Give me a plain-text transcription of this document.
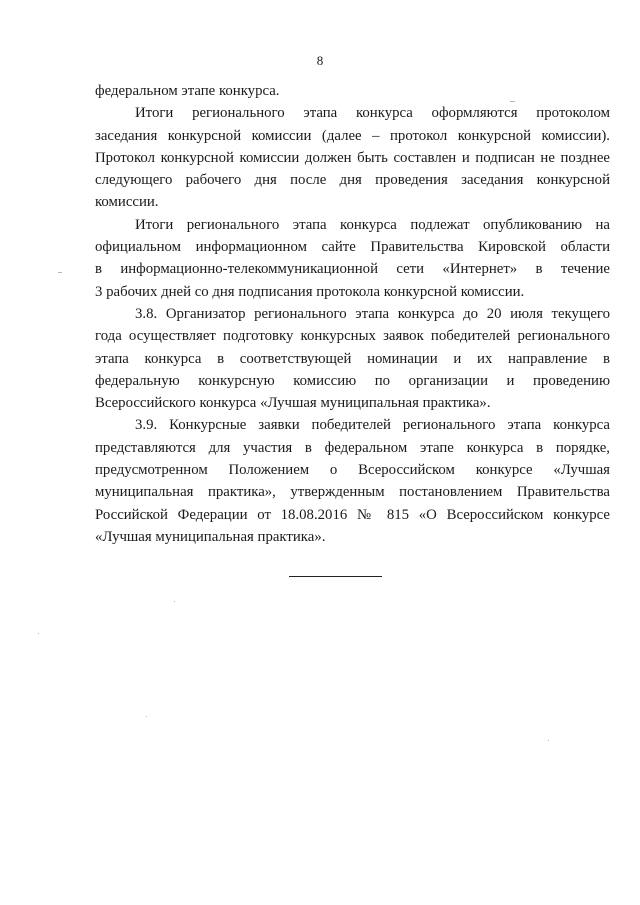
8
федеральном этапе конкурса.
Итоги регионального этапа конкурса оформляются протоколом
заседания конкурсной комиссии (далее – протокол конкурсной комиссии).
Протокол конкурсной комиссии должен быть составлен и подписан не позднее
следующего рабочего дня после дня проведения заседания конкурсной
комиссии.
Итоги регионального этапа конкурса подлежат опубликованию на
официальном информационном сайте Правительства Кировской области
в информационно-телекоммуникационной сети «Интернет» в течение
3 рабочих дней со дня подписания протокола конкурсной комиссии.
3.8. Организатор регионального этапа конкурса до 20 июля текущего
года осуществляет подготовку конкурсных заявок победителей регионального
этапа конкурса в соответствующей номинации и их направление в
федеральную конкурсную комиссию по организации и проведению
Всероссийского конкурса «Лучшая муниципальная практика».
3.9. Конкурсные заявки победителей регионального этапа конкурса
представляются для участия в федеральном этапе конкурса в порядке,
предусмотренном Положением о Всероссийском конкурсе «Лучшая
муниципальная практика», утвержденным постановлением Правительства
Российской Федерации от 18.08.2016 № 815 «О Всероссийском конкурсе
«Лучшая муниципальная практика».
